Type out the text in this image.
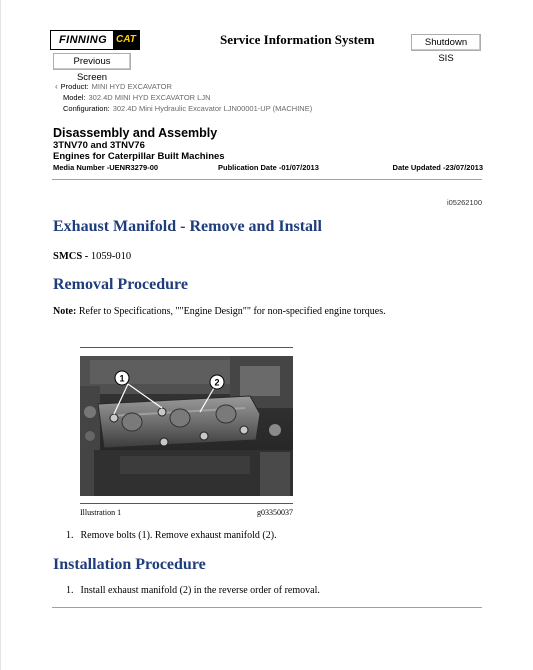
FINNING CAT	Service Information System	Shutdown SIS
Previous Screen
‹ Product: MINI HYD EXCAVATOR
Model: 302.4D MINI HYD EXCAVATOR LJN
Configuration: 302.4D Mini Hydraulic Excavator LJN00001-UP (MACHINE)
Disassembly and Assembly
3TNV70 and 3TNV76
Engines for Caterpillar Built Machines
Media Number -UENR3279-00	Publication Date -01/07/2013	Date Updated -23/07/2013
i05262100
Exhaust Manifold - Remove and Install
SMCS - 1059-010
Removal Procedure
Note: Refer to Specifications, ""Engine Design"" for non-specified engine torques.
1	2
Illustration 1	g03350037
1. Remove bolts (1). Remove exhaust manifold (2).
Installation Procedure
1. Install exhaust manifold (2) in the reverse order of removal.
